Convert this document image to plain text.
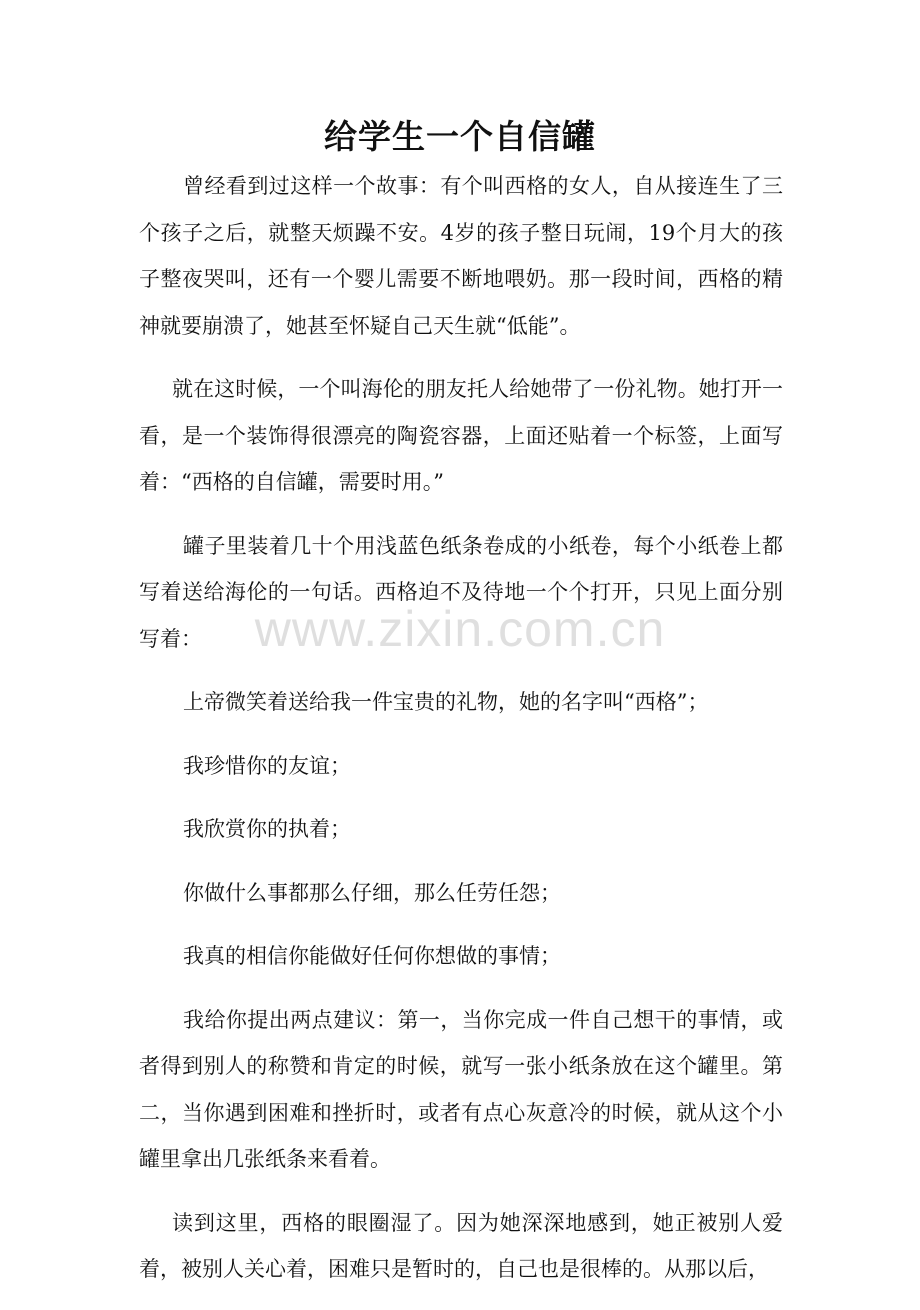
给学生一个自信罐

曾经看到过这样一个故事：有个叫西格的女人，自从接连生了三个孩子之后，就整天烦躁不安。4岁的孩子整日玩闹，19个月大的孩子整夜哭叫，还有一个婴儿需要不断地喂奶。那一段时间，西格的精神就要崩溃了，她甚至怀疑自己天生就“低能”。

就在这时候，一个叫海伦的朋友托人给她带了一份礼物。她打开一看，是一个装饰得很漂亮的陶瓷容器，上面还贴着一个标签，上面写着：“西格的自信罐，需要时用。”

罐子里装着几十个用浅蓝色纸条卷成的小纸卷，每个小纸卷上都写着送给海伦的一句话。西格迫不及待地一个个打开，只见上面分别写着：

上帝微笑着送给我一件宝贵的礼物，她的名字叫“西格”；

我珍惜你的友谊；

我欣赏你的执着；

你做什么事都那么仔细，那么任劳任怨；

我真的相信你能做好任何你想做的事情；

我给你提出两点建议：第一，当你完成一件自己想干的事情，或者得到别人的称赞和肯定的时候，就写一张小纸条放在这个罐里。第二，当你遇到困难和挫折时，或者有点心灰意冷的时候，就从这个小罐里拿出几张纸条来看着。

读到这里，西格的眼圈湿了。因为她深深地感到，她正被别人爱着，被别人关心着，困难只是暂时的，自己也是很棒的。从那以后，

www.zixin.com.cn
